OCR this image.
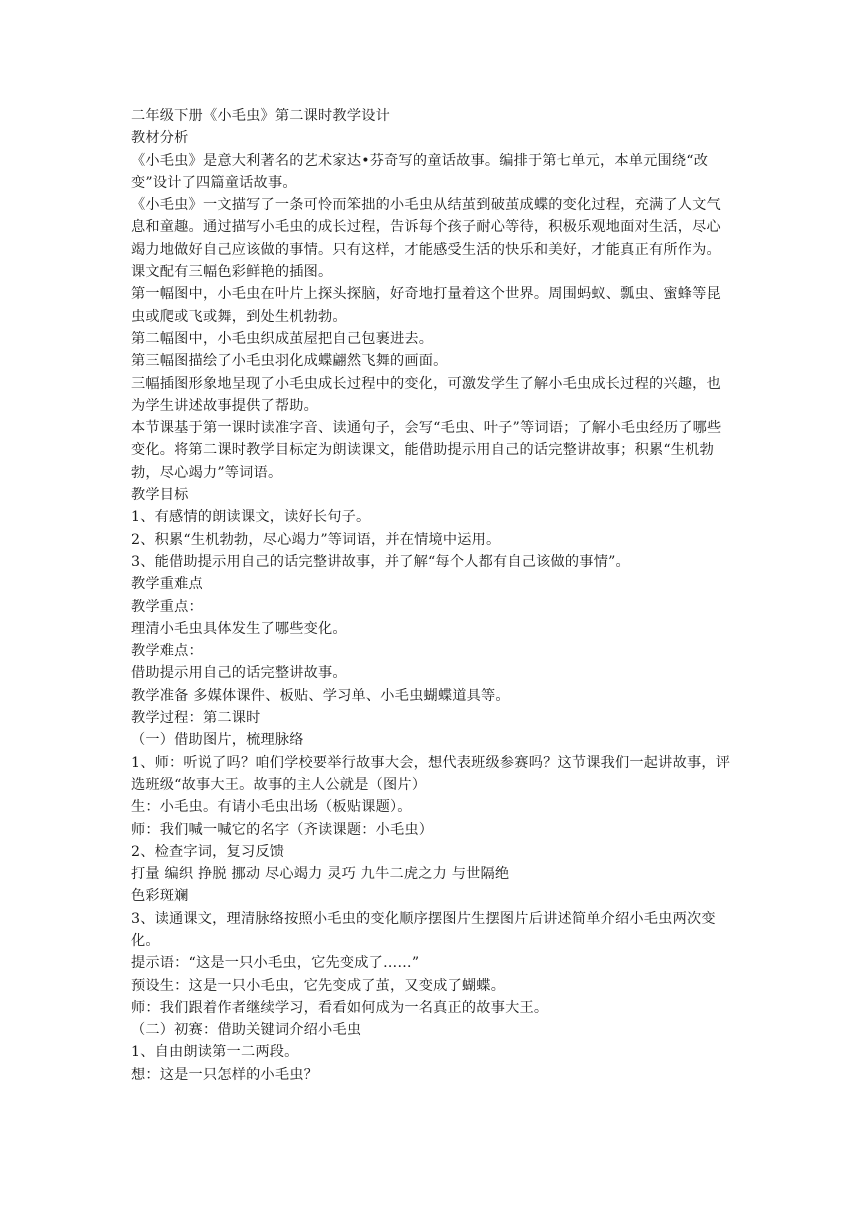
二年级下册《小毛虫》第二课时教学设计

教材分析

《小毛虫》是意大利著名的艺术家达•芬奇写的童话故事。编排于第七单元，本单元围绕“改变”设计了四篇童话故事。

《小毛虫》一文描写了一条可怜而笨拙的小毛虫从结茧到破茧成蝶的变化过程，充满了人文气息和童趣。通过描写小毛虫的成长过程，告诉每个孩子耐心等待，积极乐观地面对生活，尽心竭力地做好自己应该做的事情。只有这样，才能感受生活的快乐和美好，才能真正有所作为。课文配有三幅色彩鲜艳的插图。

第一幅图中，小毛虫在叶片上探头探脑，好奇地打量着这个世界。周围蚂蚁、瓢虫、蜜蜂等昆虫或爬或飞或舞，到处生机勃勃。

第二幅图中，小毛虫织成茧屋把自己包裹进去。

第三幅图描绘了小毛虫羽化成蝶翩然飞舞的画面。

三幅插图形象地呈现了小毛虫成长过程中的变化，可激发学生了解小毛虫成长过程的兴趣，也为学生讲述故事提供了帮助。

本节课基于第一课时读准字音、读通句子，会写“毛虫、叶子”等词语；了解小毛虫经历了哪些变化。将第二课时教学目标定为朗读课文，能借助提示用自己的话完整讲故事；积累“生机勃勃，尽心竭力”等词语。

教学目标

1、有感情的朗读课文，读好长句子。

2、积累“生机勃勃，尽心竭力”等词语，并在情境中运用。

3、能借助提示用自己的话完整讲故事，并了解“每个人都有自己该做的事情”。

教学重难点

教学重点：

理清小毛虫具体发生了哪些变化。

教学难点：

借助提示用自己的话完整讲故事。

教学准备 多媒体课件、板贴、学习单、小毛虫蝴蝶道具等。

教学过程：第二课时

（一）借助图片，梳理脉络

1、师：听说了吗？咱们学校要举行故事大会，想代表班级参赛吗？这节课我们一起讲故事，评选班级“故事大王。故事的主人公就是（图片）

生：小毛虫。有请小毛虫出场（板贴课题）。

师：我们喊一喊它的名字（齐读课题：小毛虫）

2、检查字词，复习反馈

打量 编织 挣脱 挪动 尽心竭力 灵巧 九牛二虎之力 与世隔绝

色彩斑斓

3、读通课文，理清脉络按照小毛虫的变化顺序摆图片生摆图片后讲述简单介绍小毛虫两次变化。

提示语：“这是一只小毛虫，它先变成了……”

预设生：这是一只小毛虫，它先变成了茧，又变成了蝴蝶。

师：我们跟着作者继续学习，看看如何成为一名真正的故事大王。

（二）初赛：借助关键词介绍小毛虫

1、自由朗读第一二两段。

想：这是一只怎样的小毛虫？
